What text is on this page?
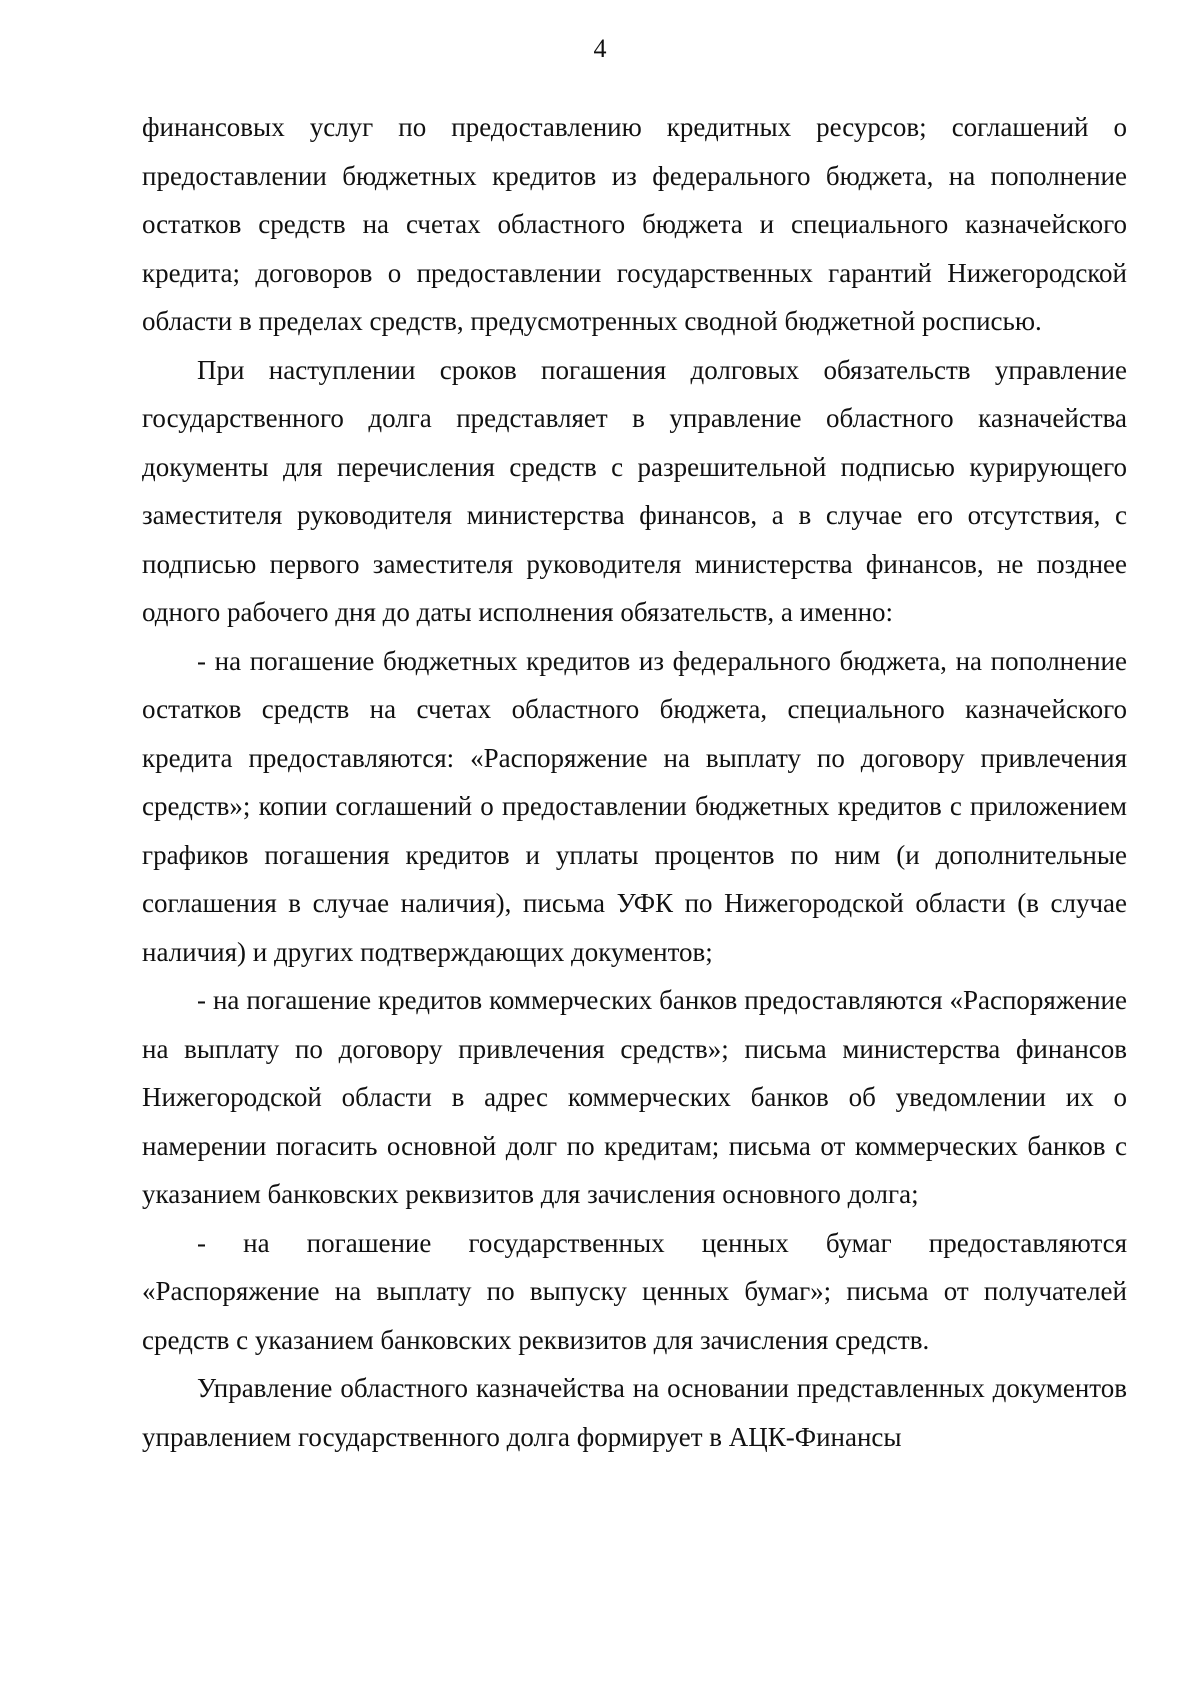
4

финансовых услуг по предоставлению кредитных ресурсов; соглашений о предоставлении бюджетных кредитов из федерального бюджета, на пополнение остатков средств на счетах областного бюджета и специального казначейского кредита; договоров о предоставлении государственных гарантий Нижегородской области в пределах средств, предусмотренных сводной бюджетной росписью.

При наступлении сроков погашения долговых обязательств управление государственного долга представляет в управление областного казначейства документы для перечисления средств с разрешительной подписью курирующего заместителя руководителя министерства финансов, а в случае его отсутствия, с подписью первого заместителя руководителя министерства финансов, не позднее одного рабочего дня до даты исполнения обязательств, а именно:

- на погашение бюджетных кредитов из федерального бюджета, на пополнение остатков средств на счетах областного бюджета, специального казначейского кредита предоставляются: «Распоряжение на выплату по договору привлечения средств»; копии соглашений о предоставлении бюджетных кредитов с приложением графиков погашения кредитов и уплаты процентов по ним (и дополнительные соглашения в случае наличия), письма УФК по Нижегородской области (в случае наличия) и других подтверждающих документов;

- на погашение кредитов коммерческих банков предоставляются «Распоряжение на выплату по договору привлечения средств»; письма министерства финансов Нижегородской области в адрес коммерческих банков об уведомлении их о намерении погасить основной долг по кредитам; письма от коммерческих банков с указанием банковских реквизитов для зачисления основного долга;

- на погашение государственных ценных бумаг предоставляются «Распоряжение на выплату по выпуску ценных бумаг»; письма от получателей средств с указанием банковских реквизитов для зачисления средств.

Управление областного казначейства на основании представленных документов управлением государственного долга формирует в АЦК-Финансы
